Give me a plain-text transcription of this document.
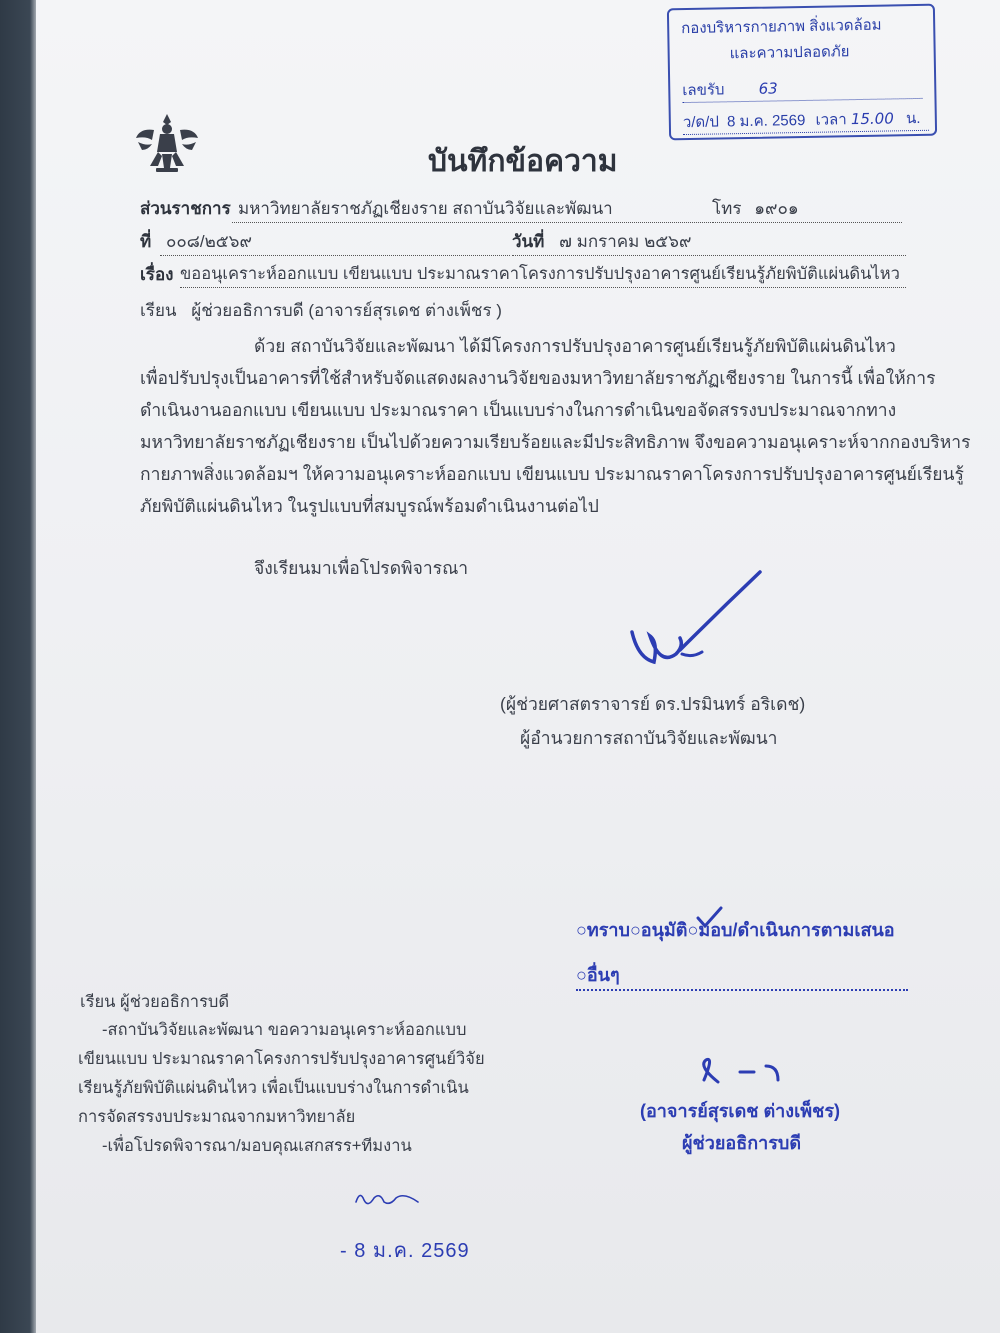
กองบริหารกายภาพ สิ่งแวดล้อม
และความปลอดภัย
เลขรับ 63
ว/ด/ป 8 ม.ค. 2569 เวลา 15.00 น.
บันทึกข้อความ
ส่วนราชการ มหาวิทยาลัยราชภัฏเชียงราย สถาบันวิจัยและพัฒนา	โทร ๑๙๐๑
ที่ ๐๐๘/๒๕๖๙	วันที่ ๗ มกราคม ๒๕๖๙
เรื่อง ขออนุเคราะห์ออกแบบ เขียนแบบ ประมาณราคาโครงการปรับปรุงอาคารศูนย์เรียนรู้ภัยพิบัติแผ่นดินไหว
เรียน ผู้ช่วยอธิการบดี (อาจารย์สุรเดช ต่างเพ็ชร )
ด้วย สถาบันวิจัยและพัฒนา ได้มีโครงการปรับปรุงอาคารศูนย์เรียนรู้ภัยพิบัติแผ่นดินไหว
เพื่อปรับปรุงเป็นอาคารที่ใช้สำหรับจัดแสดงผลงานวิจัยของมหาวิทยาลัยราชภัฏเชียงราย ในการนี้ เพื่อให้การ
ดำเนินงานออกแบบ เขียนแบบ ประมาณราคา เป็นแบบร่างในการดำเนินขอจัดสรรงบประมาณจากทาง
มหาวิทยาลัยราชภัฏเชียงราย เป็นไปด้วยความเรียบร้อยและมีประสิทธิภาพ จึงขอความอนุเคราะห์จากกองบริหาร
กายภาพสิ่งแวดล้อมฯ ให้ความอนุเคราะห์ออกแบบ เขียนแบบ ประมาณราคาโครงการปรับปรุงอาคารศูนย์เรียนรู้
ภัยพิบัติแผ่นดินไหว ในรูปแบบที่สมบูรณ์พร้อมดำเนินงานต่อไป
จึงเรียนมาเพื่อโปรดพิจารณา
(ผู้ช่วยศาสตราจารย์ ดร.ปรมินทร์ อริเดช)
ผู้อำนวยการสถาบันวิจัยและพัฒนา
○ทราบ○อนุมัติ○มอบ/ดำเนินการตามเสนอ
○อื่นๆ
(อาจารย์สุรเดช ต่างเพ็ชร)
ผู้ช่วยอธิการบดี
เรียน ผู้ช่วยอธิการบดี
-สถาบันวิจัยและพัฒนา ขอความอนุเคราะห์ออกแบบ
เขียนแบบ ประมาณราคาโครงการปรับปรุงอาคารศูนย์วิจัย
เรียนรู้ภัยพิบัติแผ่นดินไหว เพื่อเป็นแบบร่างในการดำเนิน
การจัดสรรงบประมาณจากมหาวิทยาลัย
-เพื่อโปรดพิจารณา/มอบคุณเสกสรร+ทีมงาน
- 8 ม.ค. 2569
